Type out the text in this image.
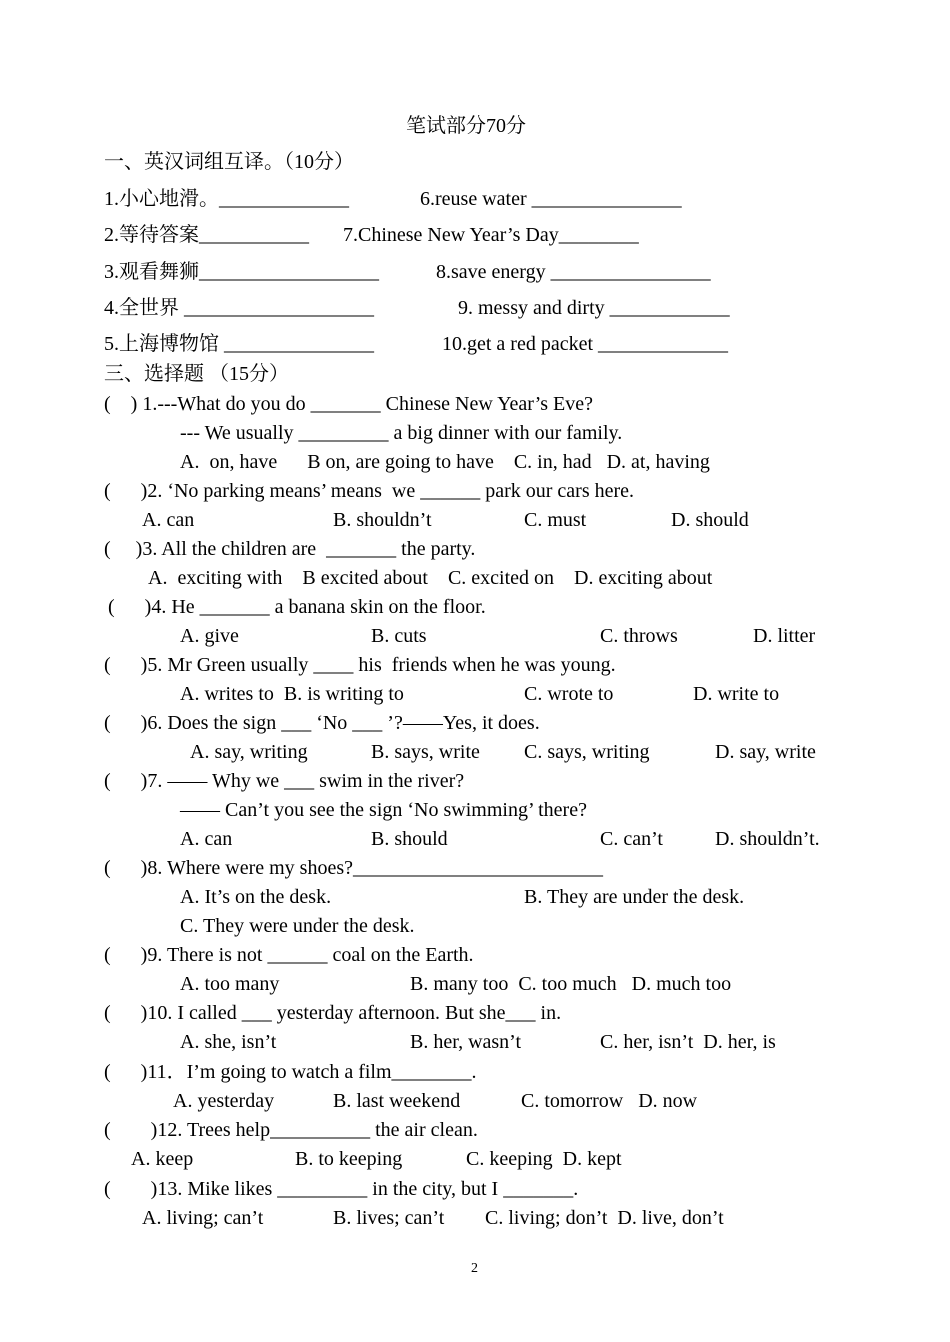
笔试部分70分
一、英汉词组互译。（10分）
1.小心地滑。_____________	6.reuse water _______________
2.等待答案___________ 7.Chinese New Year’s Day________
3.观看舞狮__________________	8.save energy ________________
4.全世界 ___________________	9. messy and dirty ____________
5.上海博物馆 _______________	10.get a red packet _____________
三、选择题 （15分）
(    ) 1.---What do you do _______ Chinese New Year’s Eve?
--- We usually _________ a big dinner with our family.
A.  on, have      B on, are going to have    C. in, had   D. at, having
(      )2. ‘No parking means’ means  we ______ park our cars here.
A. can	B. shouldn’t	C. must	D. should
(     )3. All the children are  _______ the party.
A.  exciting with    B excited about    C. excited on    D. exciting about
(      )4. He _______ a banana skin on the floor.
A. give	B. cuts	C. throws	D. litter
(      )5. Mr Green usually ____ his  friends when he was young.
A. writes to  B. is writing to	C. wrote to	D. write to
(      )6. Does the sign ___ ‘No ___ ’?——Yes, it does.
A. say, writing	B. says, write C. says, writing	D. say, write
(      )7. —— Why we ___ swim in the river?
—— Can’t you see the sign ‘No swimming’ there?
A. can	B. should	C. can’t	D. shouldn’t.
(      )8. Where were my shoes?_________________________
A. It’s on the desk.	B. They are under the desk.
C. They were under the desk.
(      )9. There is not ______ coal on the Earth.
A. too many	B. many too  C. too much   D. much too
(      )10. I called ___ yesterday afternoon. But she___ in.
A. she, isn’t	B. her, wasn’t	C. her, isn’t  D. her, is
(      )11．I’m going to watch a film________.
A. yesterday	B. last weekend	C. tomorrow   D. now
(        )12. Trees help__________ the air clean.
A. keep	B. to keeping	C. keeping  D. kept
(        )13. Mike likes _________ in the city, but I _______.
A. living; can’t	B. lives; can’t C. living; don’t  D. live, don’t
2
